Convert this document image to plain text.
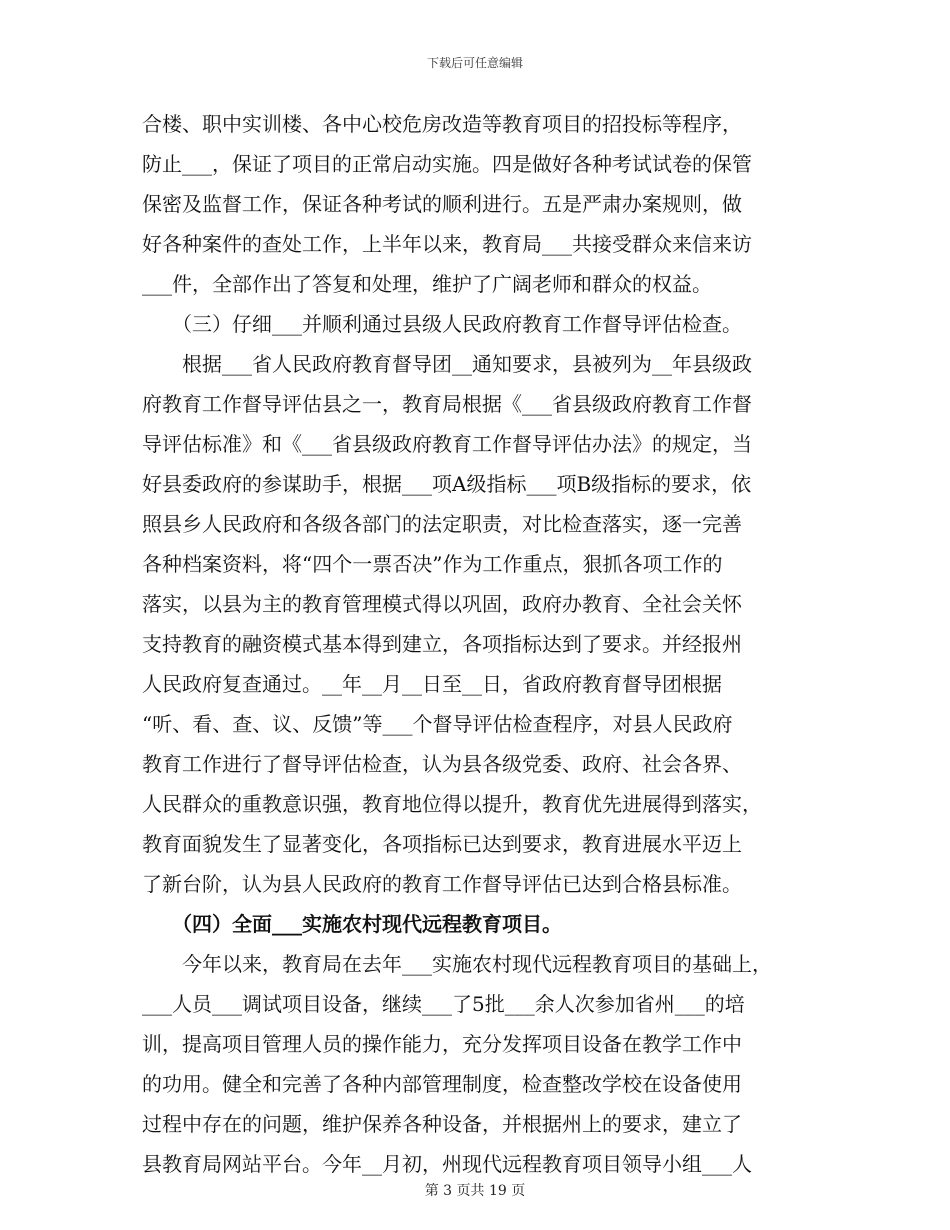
下载后可任意编辑
合楼、职中实训楼、各中心校危房改造等教育项目的招投标等程序，
防止___，保证了项目的正常启动实施。四是做好各种考试试卷的保管
保密及监督工作，保证各种考试的顺利进行。五是严肃办案规则，做
好各种案件的查处工作，上半年以来，教育局___共接受群众来信来访
___件，全部作出了答复和处理，维护了广阔老师和群众的权益。
　　（三）仔细___并顺利通过县级人民政府教育工作督导评估检查。
　　根据___省人民政府教育督导团__通知要求，县被列为__年县级政
府教育工作督导评估县之一，教育局根据《___省县级政府教育工作督
导评估标准》和《___省县级政府教育工作督导评估办法》的规定，当
好县委政府的参谋助手，根据___项A级指标___项B级指标的要求，依
照县乡人民政府和各级各部门的法定职责，对比检查落实，逐一完善
各种档案资料，将“四个一票否决”作为工作重点，狠抓各项工作的
落实，以县为主的教育管理模式得以巩固，政府办教育、全社会关怀
支持教育的融资模式基本得到建立，各项指标达到了要求。并经报州
人民政府复查通过。__年__月__日至__日，省政府教育督导团根据
“听、看、查、议、反馈”等___个督导评估检查程序，对县人民政府
教育工作进行了督导评估检查，认为县各级党委、政府、社会各界、
人民群众的重教意识强，教育地位得以提升，教育优先进展得到落实，
教育面貌发生了显著变化，各项指标已达到要求，教育进展水平迈上
了新台阶，认为县人民政府的教育工作督导评估已达到合格县标准。
　　（四）全面___实施农村现代远程教育项目。
　　今年以来，教育局在去年___实施农村现代远程教育项目的基础上，
___人员___调试项目设备，继续___了5批___余人次参加省州___的培
训，提高项目管理人员的操作能力，充分发挥项目设备在教学工作中
的功用。健全和完善了各种内部管理制度，检查整改学校在设备使用
过程中存在的问题，维护保养各种设备，并根据州上的要求，建立了
县教育局网站平台。今年__月初，州现代远程教育项目领导小组___人
第 3 页共 19 页
